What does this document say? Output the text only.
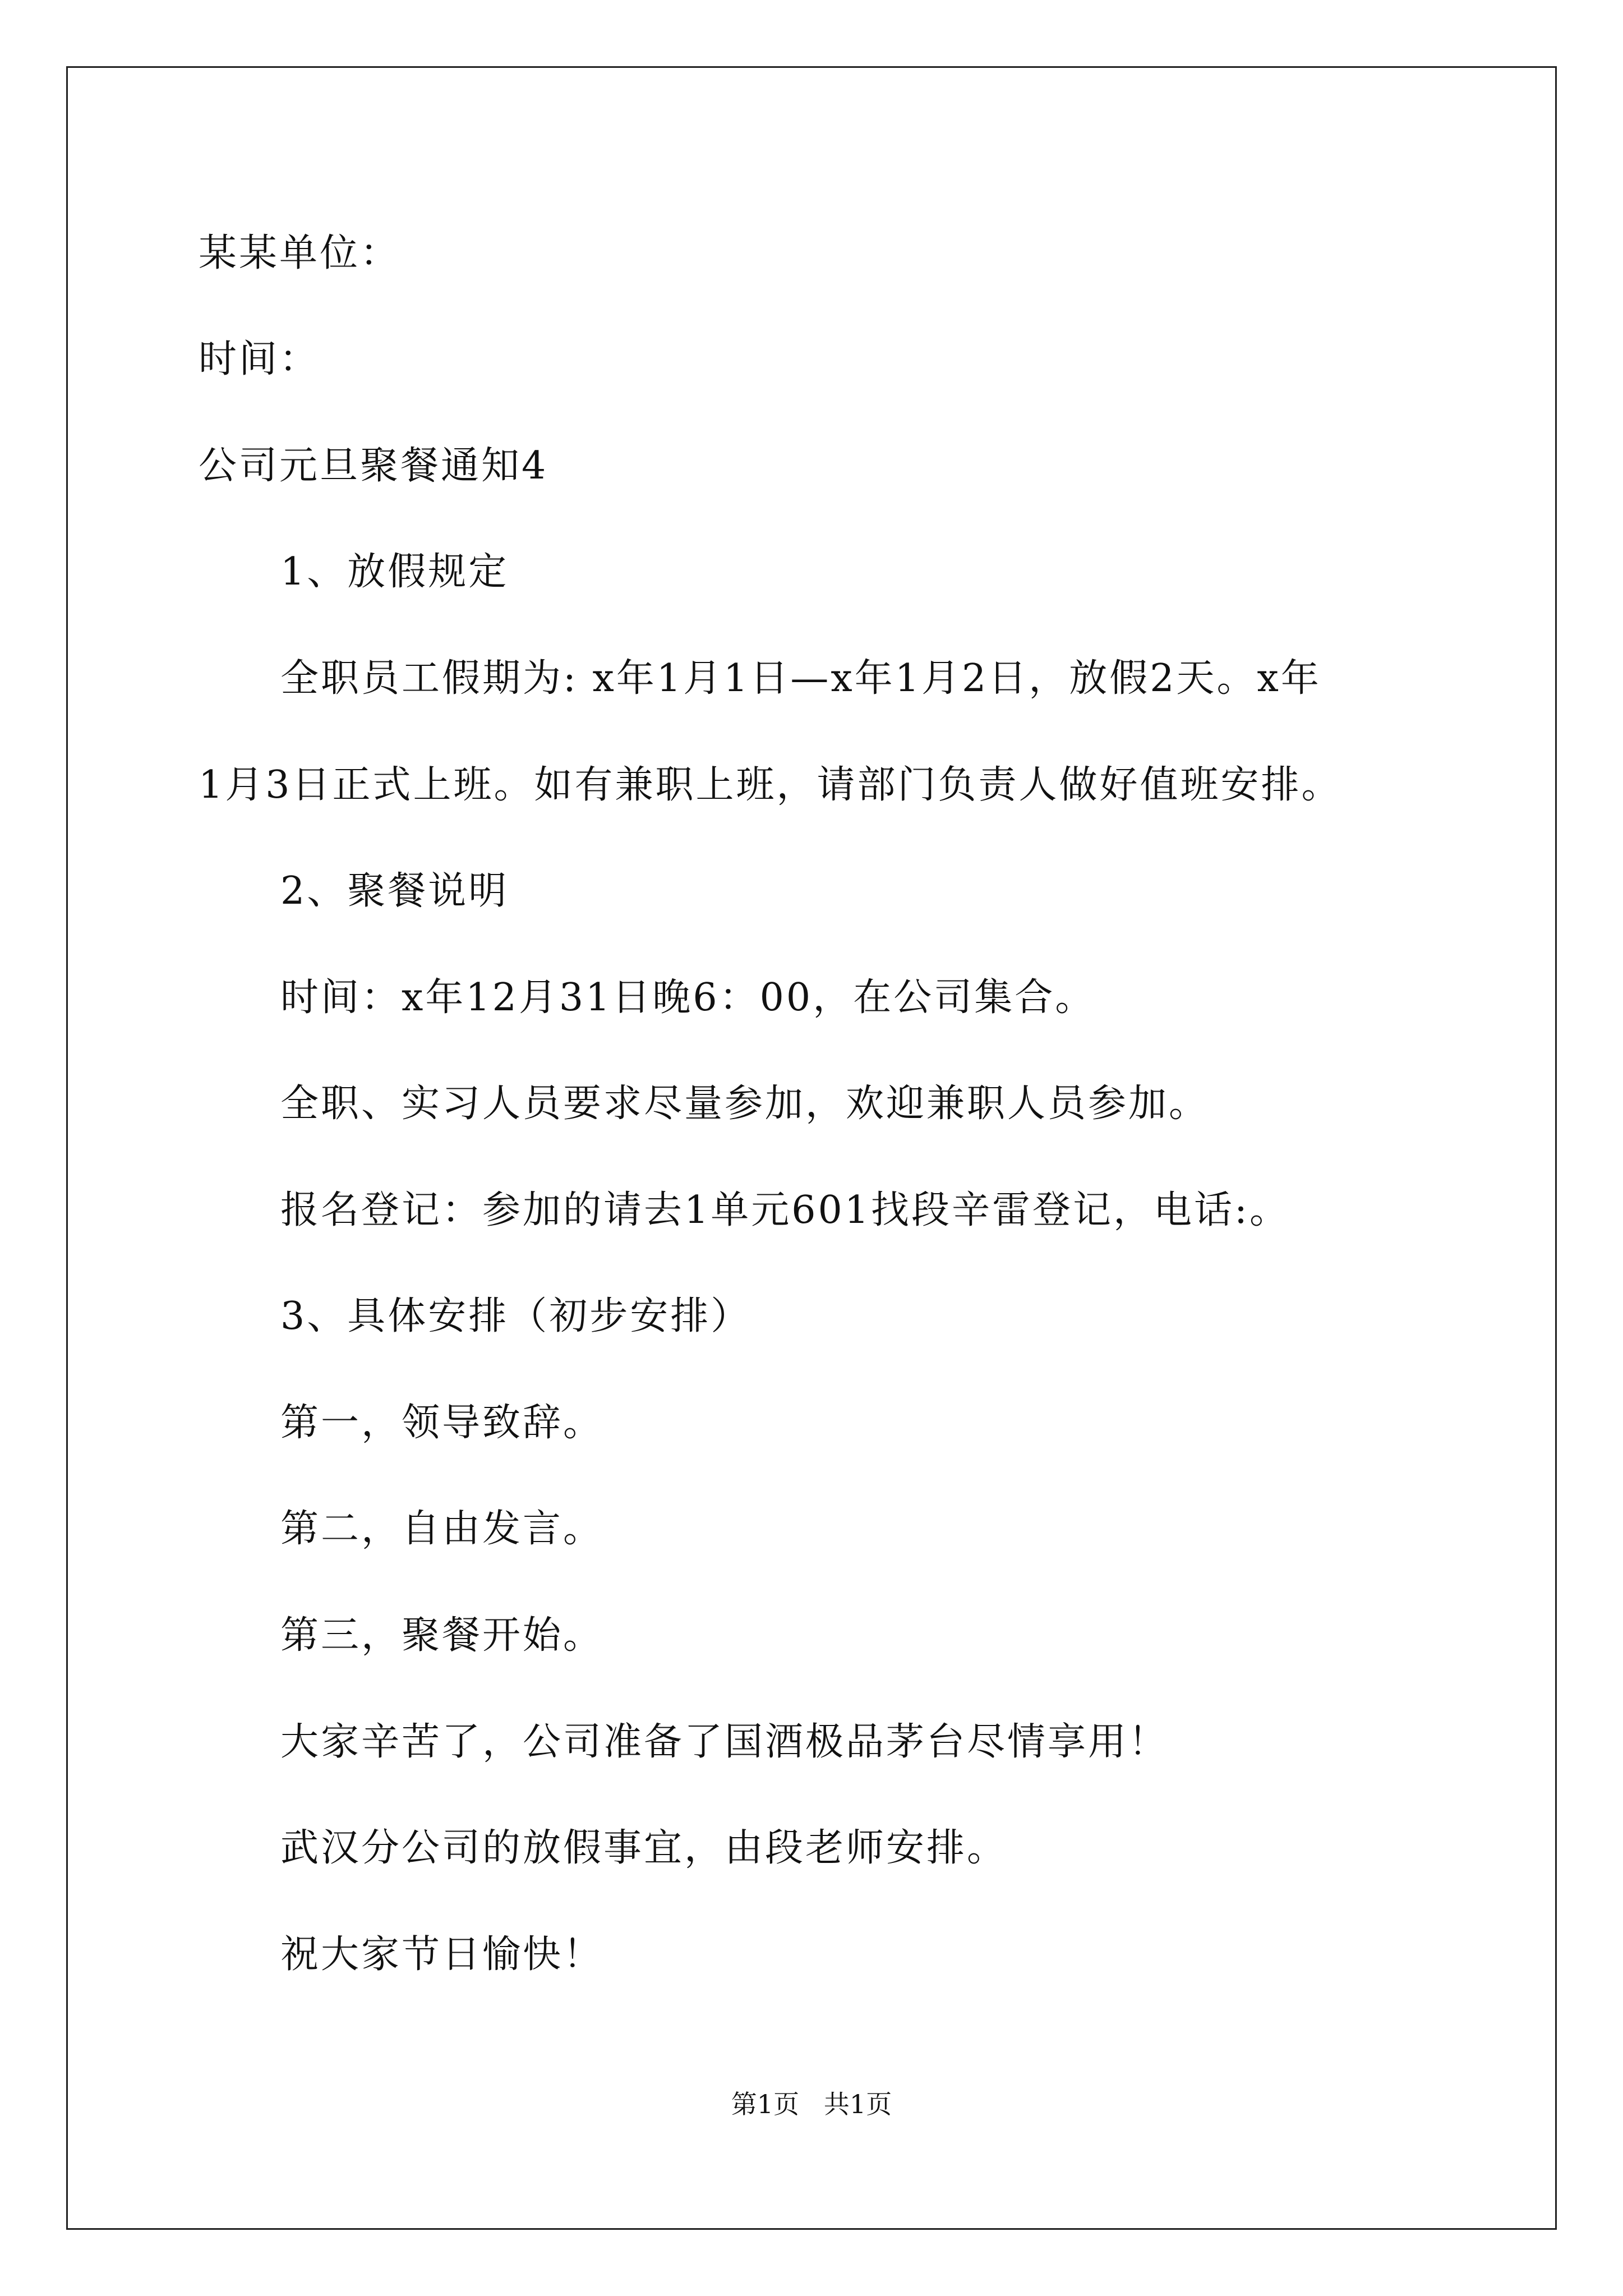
某某单位：
时间：
公司元旦聚餐通知4
1、放假规定
全职员工假期为: x年1月1日—x年1月2日，放假2天。x年
1月3日正式上班。如有兼职上班，请部门负责人做好值班安排。
2、聚餐说明
时间：x年12月31日晚6：00，在公司集合。
全职、实习人员要求尽量参加，欢迎兼职人员参加。
报名登记：参加的请去1单元601找段辛雷登记，电话:。
3、具体安排（初步安排）
第一，领导致辞。
第二，自由发言。
第三，聚餐开始。
大家辛苦了，公司准备了国酒极品茅台尽情享用！
武汉分公司的放假事宜，由段老师安排。
祝大家节日愉快！
第1页   共1页
